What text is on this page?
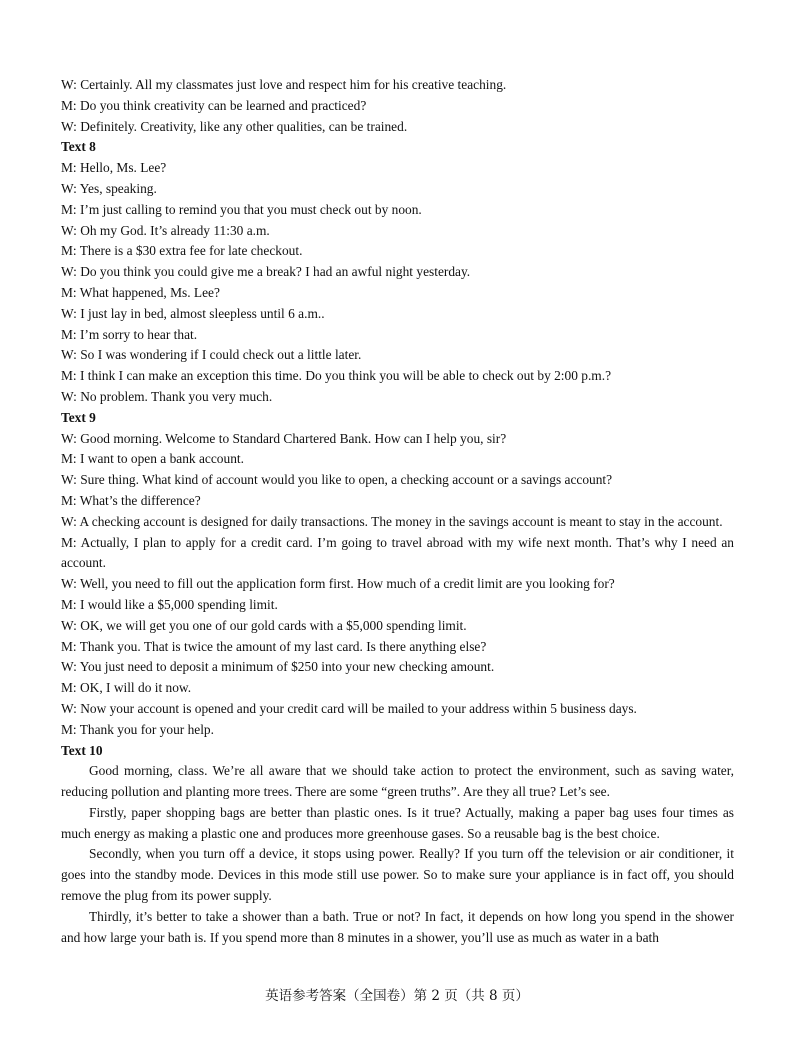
W: Certainly. All my classmates just love and respect him for his creative teaching.

M: Do you think creativity can be learned and practiced?

W: Definitely. Creativity, like any other qualities, can be trained.

Text 8

M: Hello, Ms. Lee?

W: Yes, speaking.

M: I’m just calling to remind you that you must check out by noon.

W: Oh my God. It’s already 11:30 a.m.

M: There is a $30 extra fee for late checkout.

W: Do you think you could give me a break? I had an awful night yesterday.

M: What happened, Ms. Lee?

W: I just lay in bed, almost sleepless until 6 a.m..

M: I’m sorry to hear that.

W: So I was wondering if I could check out a little later.

M: I think I can make an exception this time. Do you think you will be able to check out by 2:00 p.m.?

W: No problem. Thank you very much.

Text 9

W: Good morning. Welcome to Standard Chartered Bank. How can I help you, sir?

M: I want to open a bank account.

W: Sure thing. What kind of account would you like to open, a checking account or a savings account?

M: What’s the difference?

W: A checking account is designed for daily transactions. The money in the savings account is meant to stay in the account.

M: Actually, I plan to apply for a credit card. I’m going to travel abroad with my wife next month. That’s why I need an account.

W: Well, you need to fill out the application form first. How much of a credit limit are you looking for?

M: I would like a $5,000 spending limit.

W: OK, we will get you one of our gold cards with a $5,000 spending limit.

M: Thank you. That is twice the amount of my last card. Is there anything else?

W: You just need to deposit a minimum of $250 into your new checking amount.

M: OK, I will do it now.

W: Now your account is opened and your credit card will be mailed to your address within 5 business days.

M: Thank you for your help.

Text 10

Good morning, class. We’re all aware that we should take action to protect the environment, such as saving water, reducing pollution and planting more trees. There are some “green truths”. Are they all true? Let’s see.

Firstly, paper shopping bags are better than plastic ones. Is it true? Actually, making a paper bag uses four times as much energy as making a plastic one and produces more greenhouse gases. So a reusable bag is the best choice.

Secondly, when you turn off a device, it stops using power. Really? If you turn off the television or air conditioner, it goes into the standby mode. Devices in this mode still use power. So to make sure your appliance is in fact off, you should remove the plug from its power supply.

Thirdly, it’s better to take a shower than a bath. True or not? In fact, it depends on how long you spend in the shower and how large your bath is. If you spend more than 8 minutes in a shower, you’ll use as much as water in a bath

英语参考答案（全国卷）第 2 页（共 8 页）
